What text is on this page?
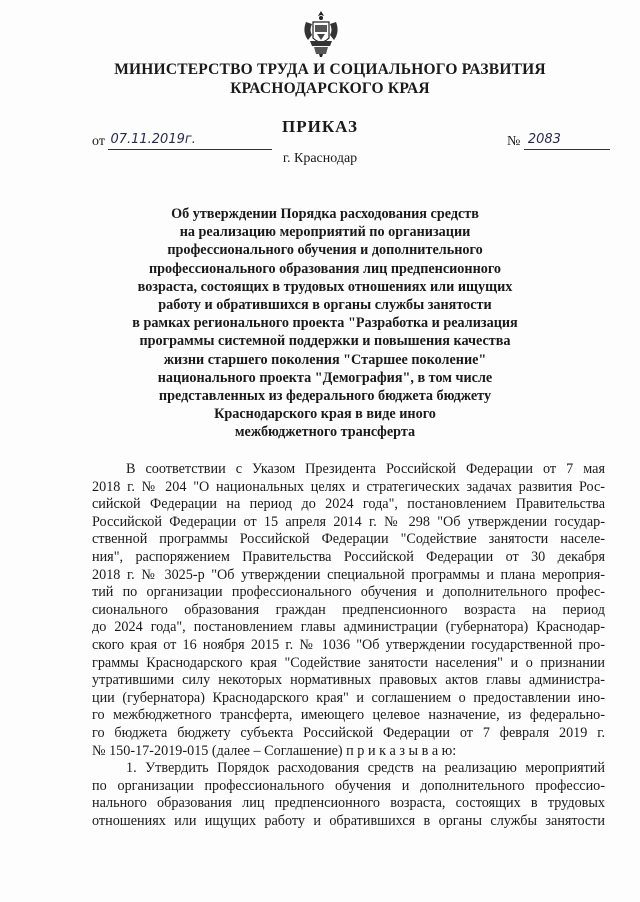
МИНИСТЕРСТВО ТРУДА И СОЦИАЛЬНОГО РАЗВИТИЯ
КРАСНОДАРСКОГО КРАЯ
ПРИКАЗ
от 07.11.2019г.	№ 2083
г. Краснодар
Об утверждении Порядка расходования средств
на реализацию мероприятий по организации
профессионального обучения и дополнительного
профессионального образования лиц предпенсионного
возраста, состоящих в трудовых отношениях или ищущих
работу и обратившихся в органы службы занятости
в рамках регионального проекта "Разработка и реализация
программы системной поддержки и повышения качества
жизни старшего поколения "Старшее поколение"
национального проекта "Демография", в том числе
представленных из федерального бюджета бюджету
Краснодарского края в виде иного
межбюджетного трансферта
В соответствии с Указом Президента Российской Федерации от 7 мая
2018 г. № 204 "О национальных целях и стратегических задачах развития Рос-
сийской Федерации на период до 2024 года", постановлением Правительства
Российской Федерации от 15 апреля 2014 г. № 298 "Об утверждении государ-
ственной программы Российской Федерации "Содействие занятости населе-
ния", распоряжением Правительства Российской Федерации от 30 декабря
2018 г. № 3025-р "Об утверждении специальной программы и плана мероприя-
тий по организации профессионального обучения и дополнительного профес-
сионального образования граждан предпенсионного возраста на период
до 2024 года", постановлением главы администрации (губернатора) Краснодар-
ского края от 16 ноября 2015 г. № 1036 "Об утверждении государственной про-
граммы Краснодарского края "Содействие занятости населения" и о признании
утратившими силу некоторых нормативных правовых актов главы администра-
ции (губернатора) Краснодарского края" и соглашением о предоставлении ино-
го межбюджетного трансферта, имеющего целевое назначение, из федерально-
го бюджета бюджету субъекта Российской Федерации от 7 февраля 2019 г.
№ 150-17-2019-015 (далее – Соглашение) п р и к а з ы в а ю:
1. Утвердить Порядок расходования средств на реализацию мероприятий
по организации профессионального обучения и дополнительного профессио-
нального образования лиц предпенсионного возраста, состоящих в трудовых
отношениях или ищущих работу и обратившихся в органы службы занятости
